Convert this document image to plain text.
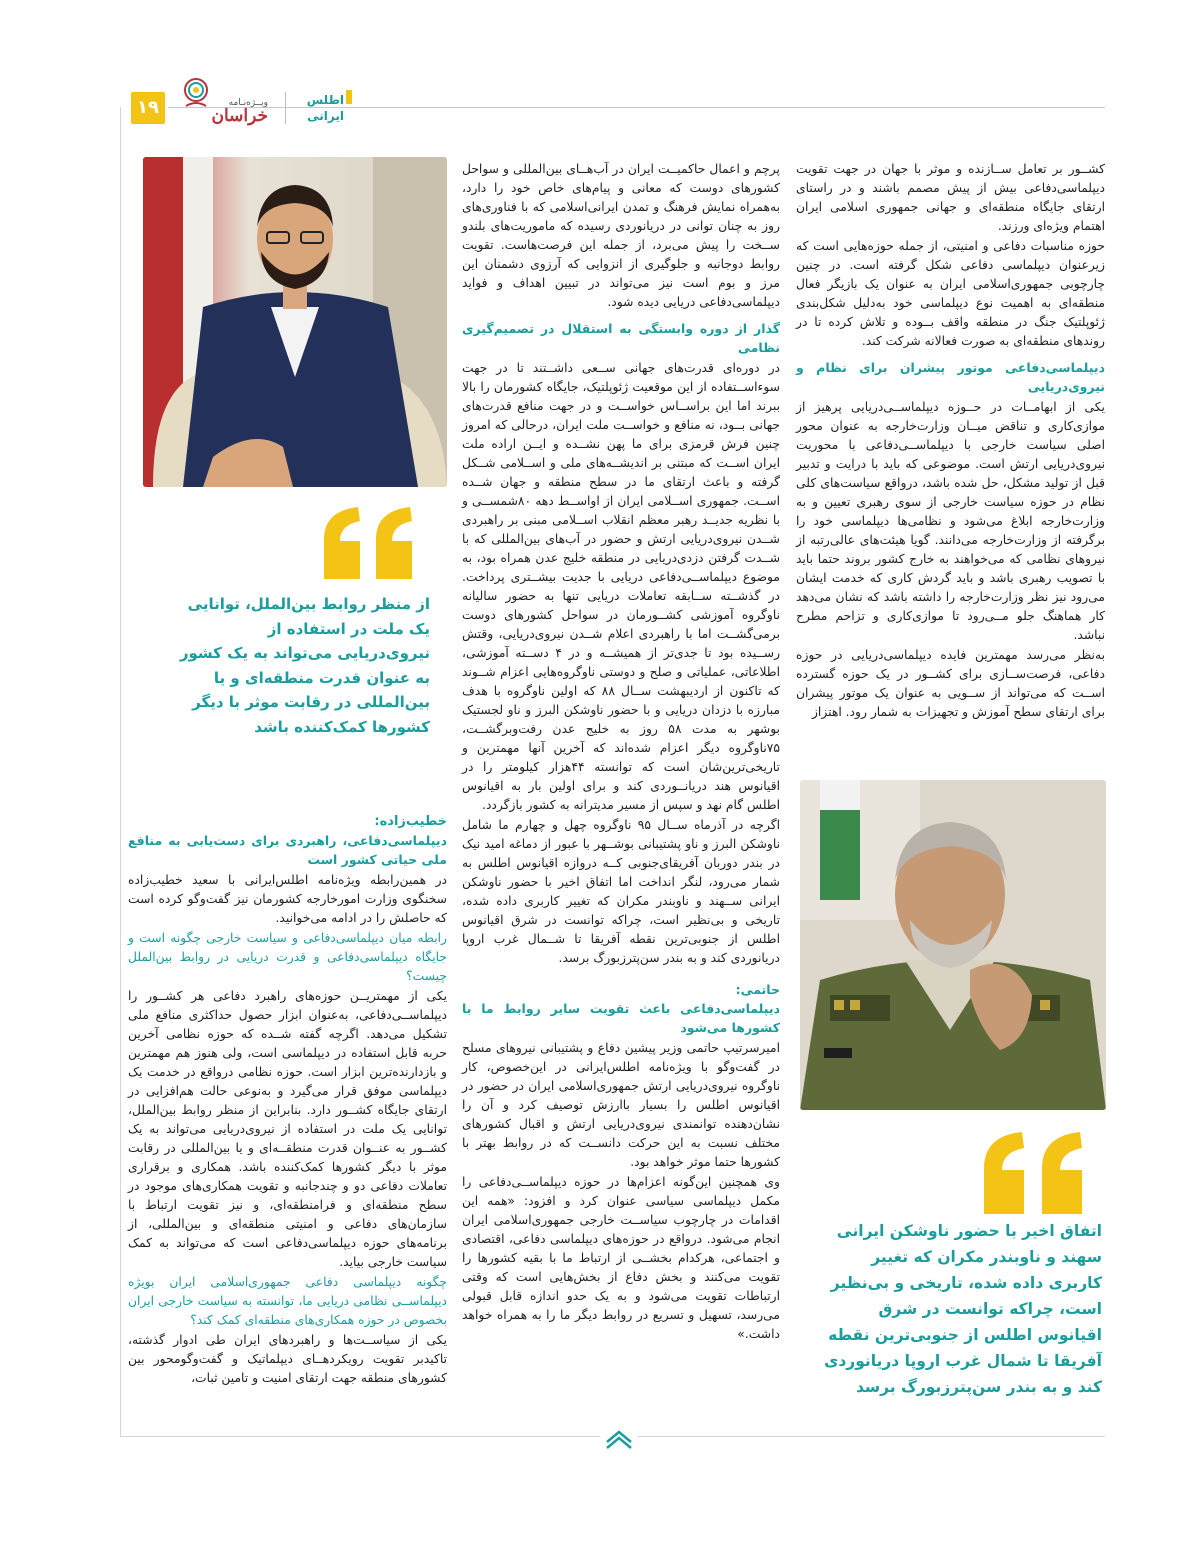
۱۹	ویــژه‌نـامه
خراسان
اطلس
ایرانی

کشــور بر تعامل ســازنده و موثر با جهان در جهت تقویت دیپلماسی‌دفاعی بیش از پیش مصمم باشند و در راستای ارتقای جایگاه منطقه‌ای و جهانی جمهوری اسلامی ایران اهتمام ویژه‌ای ورزند.

حوزه مناسبات دفاعی و امنیتی، از جمله حوزه‌هایی است که زیرعنوان دیپلماسی دفاعی شکل گرفته است. در چنین چارچوبی جمهوری‌اسلامی ایران به عنوان یک بازیگر فعال منطقه‌ای به اهمیت نوع دیپلماسی خود به‌دلیل شکل‌بندی ژئوپلتیک جنگ در منطقه واقف بــوده و تلاش کرده تا در روندهای منطقه‌ای به صورت فعالانه شرکت کند.

دیپلماسی‌دفاعی موتور پیشران برای نظام و نیروی‌دریایی

یکی از ابهامــات در حــوزه دیپلماســی‌دریایی پرهیز از موازی‌کاری و تناقض میــان وزارت‌خارجه به عنوان محور اصلی سیاست خارجی با دیپلماســی‌دفاعی با محوریت نیروی‌دریایی ارتش است. موضوعی که باید با درایت و تدبیر قبل از تولید مشکل، حل شده باشد، درواقع سیاست‌های کلی نظام در حوزه سیاست خارجی از سوی رهبری تعیین و به وزارت‌خارجه ابلاغ می‌شود و نظامی‌ها دیپلماسی خود را برگرفته از وزارت‌خارجه می‌دانند. گویا هیئت‌های عالی‌رتبه از نیروهای نظامی که می‌خواهند به خارج کشور بروند حتما باید با تصویب رهبری باشد و باید گردش کاری که خدمت ایشان می‌رود نیز نظر وزارت‌خارجه را داشته باشد که نشان می‌دهد کار هماهنگ جلو مــی‌رود تا موازی‌کاری و تزاحم مطرح نباشد.

به‌نظر می‌رسد مهمترین فایده دیپلماسی‌دریایی در حوزه دفاعی، فرصت‌ســازی برای کشــور در یک حوزه گسترده اســت که می‌تواند از ســویی به عنوان یک موتور پیشران برای ارتقای سطح آموزش و تجهیزات به شمار رود. اهتزاز

پرچم و اعمال حاکمیــت ایران در آب‌هــای بین‌المللی و سواحل کشورهای دوست که معانی و پیام‌های خاص خود را دارد، به‌همراه نمایش فرهنگ و تمدن ایرانی‌اسلامی که با فناوری‌های روز به چنان توانی در دریانوردی رسیده که ماموریت‌های بلندو ســخت را پیش می‌برد، از جمله این فرصت‌هاست. تقویت روابط دوجانبه و جلوگیری از انزوایی که آرزوی دشمنان این مرز و بوم است نیز می‌تواند در تبیین اهداف و فواید دیپلماسی‌دفاعی دریایی دیده شود.

گذار از دوره وابستگی به استقلال در تصمیم‌گیری نظامی

در دوره‌ای قدرت‌های جهانی ســعی داشــتند تا در جهت سوءاســتفاده از این موقعیت ژئوپلتیک، جایگاه کشورمان را بالا ببرند اما این براســاس خواســت و در جهت منافع قدرت‌های جهانی بــود، نه منافع و خواســت ملت ایران، درحالی که امروز چنین فرش قرمزی برای ما پهن نشــده و ایــن اراده ملت ایران اســت که مبتنی بر اندیشــه‌های ملی و اســلامی شــکل گرفته و باعث ارتقای ما در سطح منطقه و جهان شــده اســت. جمهوری اســلامی ایران از اواســط دهه ۸۰شمســی و با نظریه جدیــد رهبر معظم انقلاب اســلامی مبنی بر راهبردی شــدن نیروی‌دریایی ارتش و حضور در آب‌های بین‌المللی که با شــدت گرفتن دزدی‌دریایی در منطقه خلیج عدن همراه بود، به موضوع دیپلماســی‌دفاعی دریایی با جدیت بیشــتری پرداخت. در گذشــته ســابقه تعاملات دریایی تنها به حضور سالیانه ناوگروه آموزشی کشــورمان در سواحل کشورهای دوست برمی‌گشــت اما با راهبردی اعلام شــدن نیروی‌دریایی، وقتش رســیده بود تا جدی‌تر از همیشــه و در ۴ دســته آموزشی، اطلاعاتی، عملیاتی و صلح و دوستی ناوگروه‌هایی اعزام شــوند که تاکنون از اردیبهشت ســال ۸۸ که اولین ناوگروه با هدف مبارزه با دزدان دریایی و با حضور ناوشکن البرز و ناو لجستیک بوشهر به مدت ۵۸ روز به خلیج عدن رفت‌وبرگشــت، ۷۵ناوگروه دیگر اعزام شده‌اند که آخرین آنها مهمترین و تاریخی‌ترین‌شان است که توانسته ۴۴هزار کیلومتر را در اقیانوس هند دریانــوردی کند و برای اولین بار به اقیانوس اطلس گام نهد و سپس از مسیر مدیترانه به کشور بازگردد.

اگرچه در آذرماه ســال ۹۵ ناوگروه چهل و چهارم ما شامل ناوشکن البرز و ناو پشتیبانی بوشــهر با عبور از دماغه امید نیک در بندر دوربان آفریقای‌جنوبی کــه دروازه اقیانوس اطلس به شمار می‌رود، لنگر انداخت اما اتفاق اخیر با حضور ناوشکن ایرانی ســهند و ناوبندر مکران که تغییر کاربری داده شده، تاریخی و بی‌نظیر است، چراکه توانست در شرق اقیانوس اطلس از جنوبی‌ترین نقطه آفریقا تا شــمال غرب اروپا دریانوردی کند و به بندر سن‌پترزبورگ برسد.

حاتمی:
دیپلماسی‌دفاعی باعث تقویت سایر روابط ما با کشورها می‌شود

امیرسرتیپ حاتمی وزیر پیشین دفاع و پشتیبانی نیروهای مسلح در گفت‌وگو با ویژه‌نامه اطلس‌ایرانی در این‌خصوص، کار ناوگروه نیروی‌دریایی ارتش جمهوری‌اسلامی ایران در حضور در اقیانوس اطلس را بسیار باارزش توصیف کرد و آن را نشان‌دهنده توانمندی نیروی‌دریایی ارتش و اقبال کشورهای مختلف نسبت به این حرکت دانســت که در روابط بهتر با کشورها حتما موثر خواهد بود.

وی همچنین این‌گونه اعزام‌ها در حوزه دیپلماســی‌دفاعی را مکمل دیپلماسی سیاسی عنوان کرد و افزود: «همه این اقدامات در چارچوب سیاســت خارجی جمهوری‌اسلامی ایران انجام می‌شود. درواقع در حوزه‌های دیپلماسی دفاعی، اقتصادی و اجتماعی، هرکدام بخشــی از ارتباط ما با بقیه کشورها را تقویت می‌کنند و بخش دفاع از بخش‌هایی است که وقتی ارتباطات تقویت می‌شود و به یک حدو اندازه قابل قبولی می‌رسد، تسهیل و تسریع در روابط دیگر ما را به همراه خواهد داشت.»

خطیب‌زاده:
دیپلماسی‌دفاعی، راهبردی برای دست‌یابی به منافع ملی حیاتی کشور است

در همین‌رابطه ویژه‌نامه اطلس‌ایرانی با سعید خطیب‌زاده سخنگوی وزارت امورخارجه کشورمان نیز گفت‌وگو کرده است که حاصلش را در ادامه می‌خوانید.

رابطه میان دیپلماسی‌دفاعی و سیاست خارجی چگونه است و جایگاه دیپلماسی‌دفاعی و قدرت دریایی در روابط بین‌الملل چیست؟

یکی از مهمتریــن حوزه‌های راهبرد دفاعی هر کشــور را دیپلماســی‌دفاعی، به‌عنوان ابزار حصول حداکثری منافع ملی تشکیل می‌دهد. اگرچه گفته شــده که حوزه نظامی آخرین حربه قابل استفاده در دیپلماسی است، ولی هنوز هم مهمترین و بازدارنده‌ترین ابزار است. حوزه نظامی درواقع در خدمت یک دیپلماسی موفق قرار می‌گیرد و به‌نوعی حالت هم‌افزایی در ارتقای جایگاه کشــور دارد. بنابراین از منظر روابط بین‌الملل، توانایی یک ملت در استفاده از نیروی‌دریایی می‌تواند به یک کشــور به عنــوان قدرت منطقــه‌ای و یا بین‌المللی در رقابت موثر با دیگر کشورها کمک‌کننده باشد. همکاری و برقراری تعاملات دفاعی دو و چندجانبه و تقویت همکاری‌های موجود در سطح منطقه‌ای و فرامنطقه‌ای، و نیز تقویت ارتباط با سازمان‌های دفاعی و امنیتی منطقه‌ای و بین‌المللی، از برنامه‌های حوزه دیپلماسی‌دفاعی است که می‌تواند به کمک سیاست خارجی بیاید.

چگونه دیپلماسی دفاعی جمهوری‌اسلامی ایران بویژه دیپلماســی نظامی دریایی ما، توانسته به سیاست خارجی ایران بخصوص در حوزه همکاری‌های منطقه‌ای کمک کند؟

یکی از سیاســت‌ها و راهبردهای ایران طی ادوار گذشته، تاکیدبر تقویت رویکردهــای دیپلماتیک و گفت‌وگومحور بین کشورهای منطقه جهت ارتقای امنیت و تامین ثبات،

از منظر روابط بین‌الملل، توانایی یک ملت در استفاده از نیروی‌دریایی می‌تواند به یک کشور به عنوان قدرت منطقه‌ای و یا بین‌المللی در رقابت موثر با دیگر کشورها کمک‌کننده باشد
اتفاق اخیر با حضور ناوشکن ایرانی سهند و ناوبندر مکران که تغییر کاربری داده شده، تاریخی و بی‌نظیر است، چراکه توانست در شرق اقیانوس اطلس از جنوبی‌ترین نقطه آفریقا تا شمال غرب اروپا دریانوردی کند و به بندر سن‌پترزبورگ برسد
